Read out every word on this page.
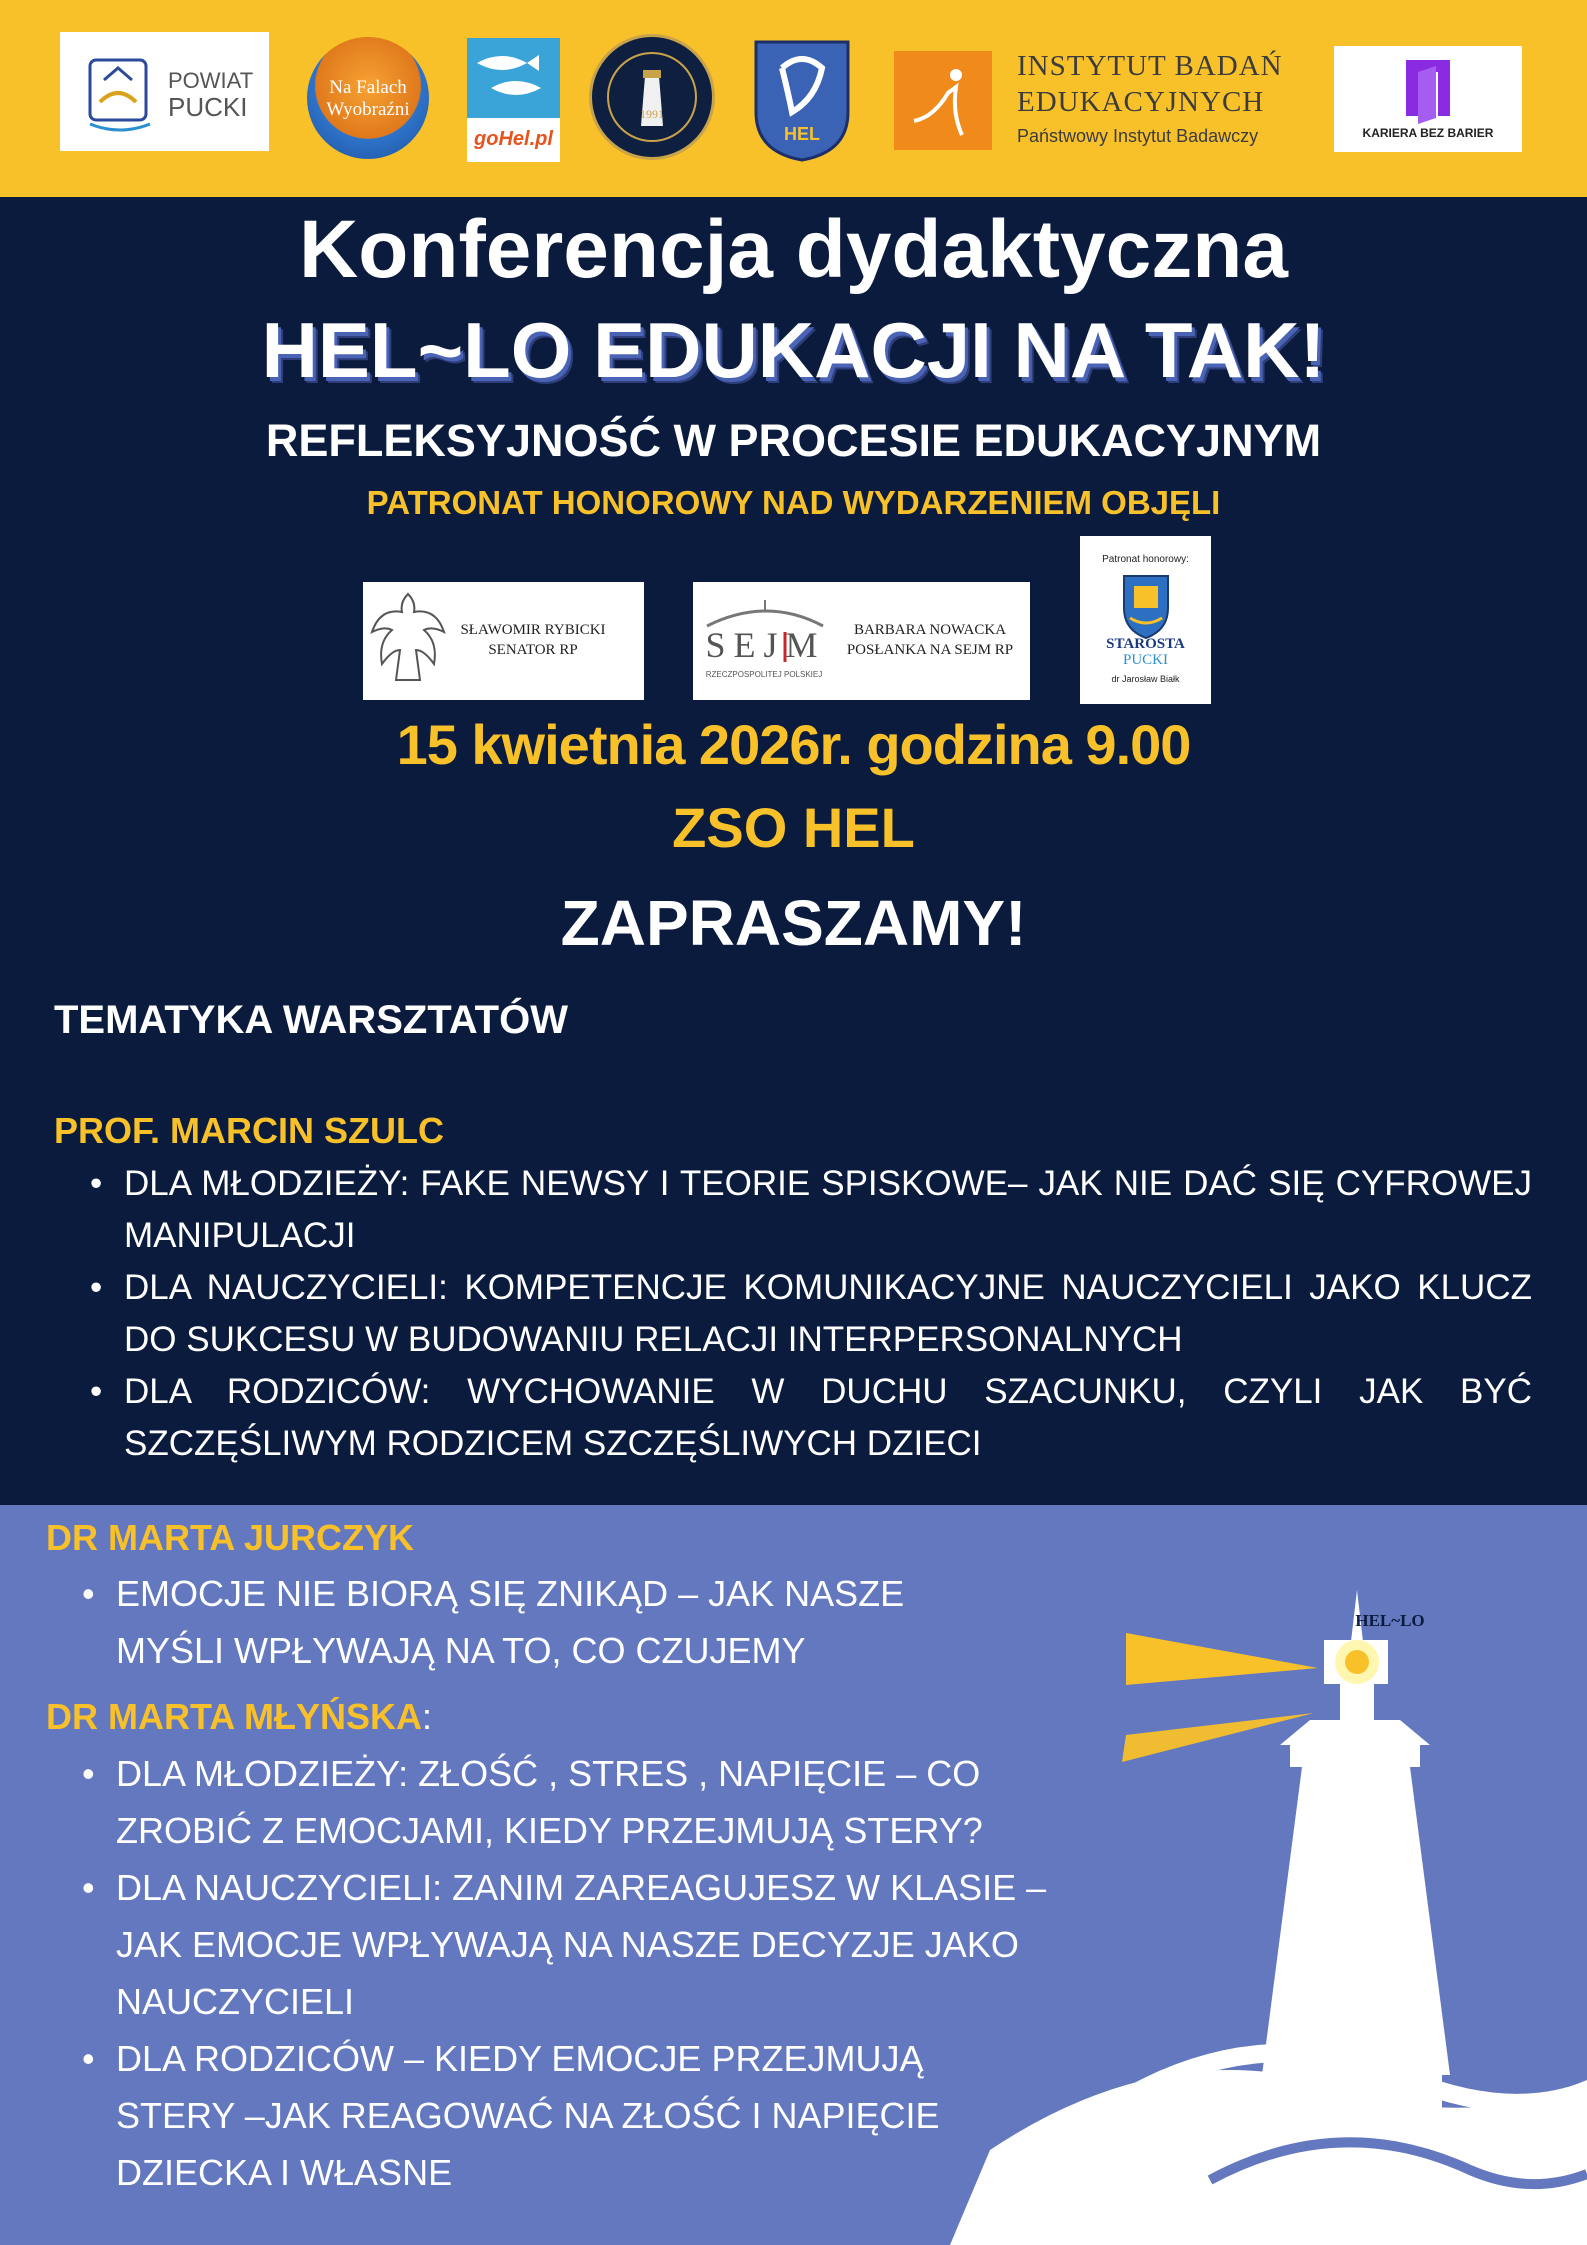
POWIAT
PUCKI
Na Falach
Wyobraźni
goHel.pl
1991
HEL
INSTYTUT BADAŃ
EDUKACYJNYCH
Państwowy Instytut Badawczy	KARIERA BEZ BARIER
Konferencja dydaktyczna
HEL~LO EDUKACJI NA TAK!
REFLEKSYJNOŚĆ W PROCESIE EDUKACYJNYM
PATRONAT HONOROWY NAD WYDARZENIEM OBJĘLI
SŁAWOMIR RYBICKI
SENATOR RP	SEJM
RZECZPOSPOLITEJ POLSKIEJ
BARBARA NOWACKA
POSŁANKA NA SEJM RP
Patronat honorowy:
STAROSTA
PUCKI
dr Jarosław Białk
15 kwietnia 2026r. godzina 9.00
ZSO HEL
ZAPRASZAMY!
TEMATYKA WARSZTATÓW
PROF. MARCIN SZULC
• DLA MŁODZIEŻY: FAKE NEWSY I TEORIE SPISKOWE– JAK NIE DAĆ SIĘ CYFROWEJ MANIPULACJI
• DLA NAUCZYCIELI: KOMPETENCJE KOMUNIKACYJNE NAUCZYCIELI JAKO KLUCZ DO SUKCESU W BUDOWANIU RELACJI INTERPERSONALNYCH
• DLA RODZICÓW: WYCHOWANIE W DUCHU SZACUNKU, CZYLI JAK BYĆ SZCZĘŚLIWYM RODZICEM SZCZĘŚLIWYCH DZIECI
HEL~LO
DR MARTA JURCZYK
• EMOCJE NIE BIORĄ SIĘ ZNIKĄD – JAK NASZE MYŚLI WPŁYWAJĄ NA TO, CO CZUJEMY
DR MARTA MŁYŃSKA:
• DLA MŁODZIEŻY: ZŁOŚĆ , STRES , NAPIĘCIE – CO ZROBIĆ Z EMOCJAMI, KIEDY PRZEJMUJĄ STERY?
• DLA NAUCZYCIELI: ZANIM ZAREAGUJESZ W KLASIE – JAK EMOCJE WPŁYWAJĄ NA NASZE DECYZJE JAKO NAUCZYCIELI
• DLA RODZICÓW – KIEDY EMOCJE PRZEJMUJĄ STERY –JAK REAGOWAĆ NA ZŁOŚĆ I NAPIĘCIE DZIECKA I WŁASNE
